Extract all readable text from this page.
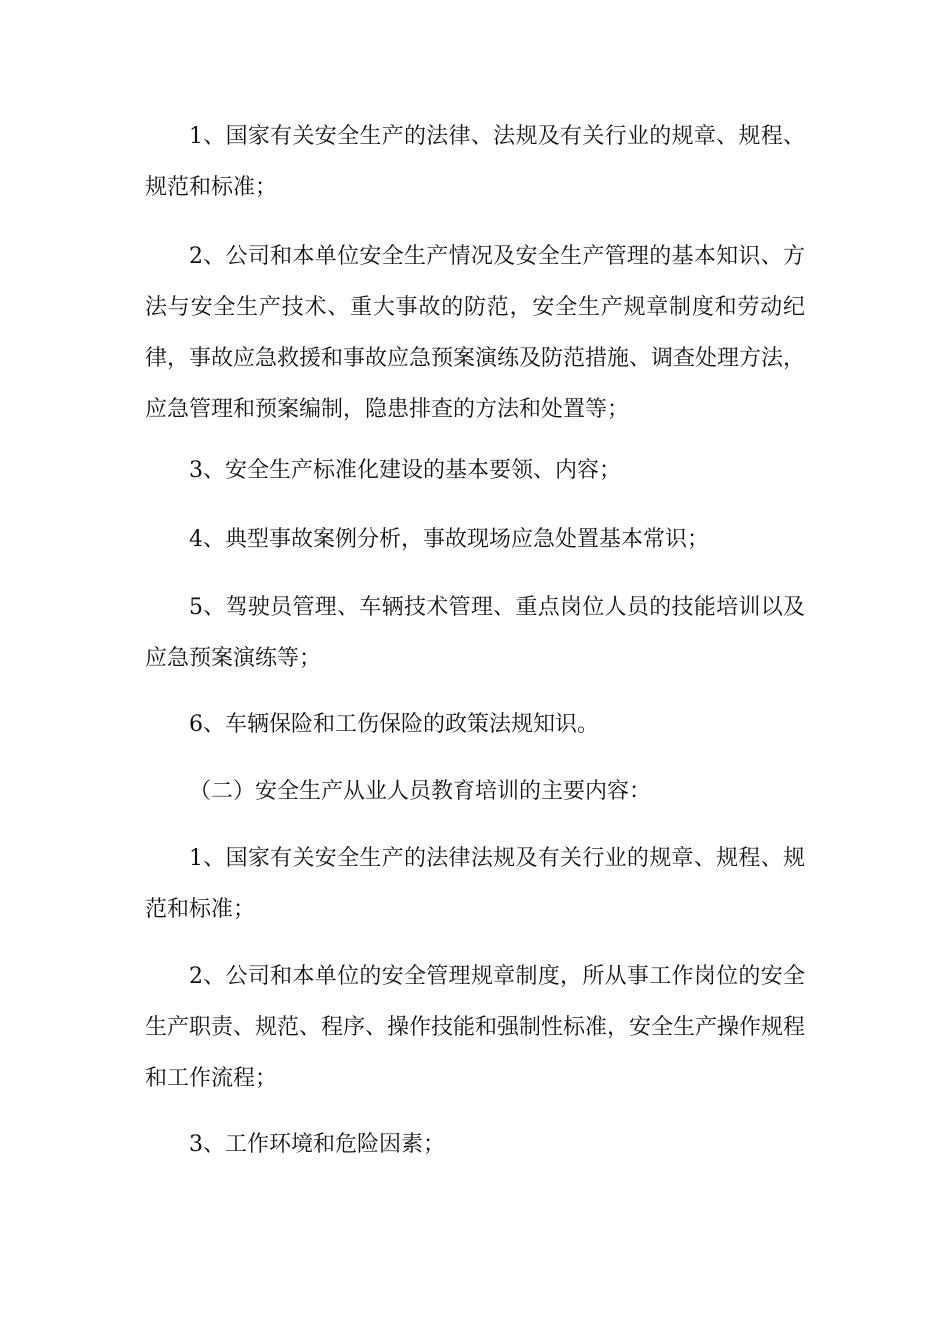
1、国家有关安全生产的法律、法规及有关行业的规章、规程、规范和标准；

2、公司和本单位安全生产情况及安全生产管理的基本知识、方法与安全生产技术、重大事故的防范，安全生产规章制度和劳动纪律，事故应急救援和事故应急预案演练及防范措施、调查处理方法，应急管理和预案编制，隐患排查的方法和处置等；

3、安全生产标准化建设的基本要领、内容；

4、典型事故案例分析，事故现场应急处置基本常识；

5、驾驶员管理、车辆技术管理、重点岗位人员的技能培训以及应急预案演练等；

6、车辆保险和工伤保险的政策法规知识。

（二）安全生产从业人员教育培训的主要内容：

1、国家有关安全生产的法律法规及有关行业的规章、规程、规范和标准；

2、公司和本单位的安全管理规章制度，所从事工作岗位的安全生产职责、规范、程序、操作技能和强制性标准，安全生产操作规程和工作流程；

3、工作环境和危险因素；
